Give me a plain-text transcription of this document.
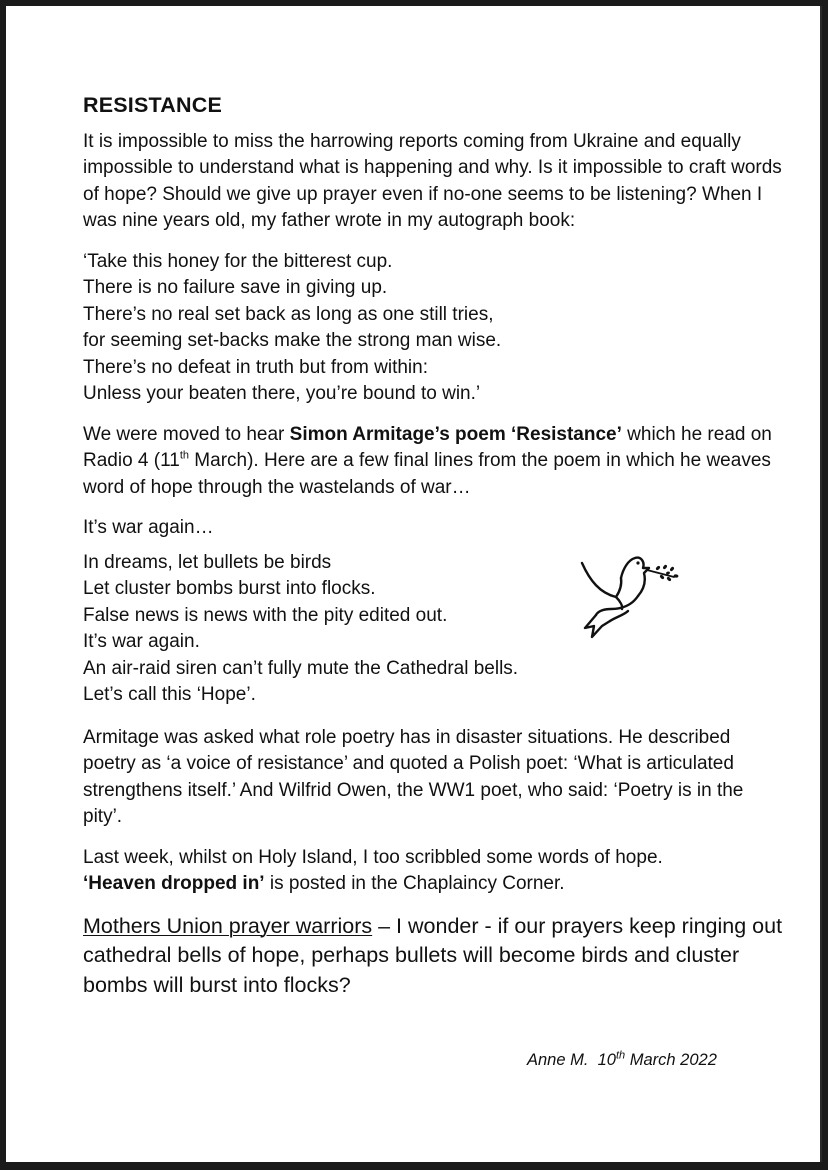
RESISTANCE

It is impossible to miss the harrowing reports coming from Ukraine and equally impossible to understand what is happening and why. Is it impossible to craft words of hope? Should we give up prayer even if no-one seems to be listening? When I was nine years old, my father wrote in my autograph book:

‘Take this honey for the bitterest cup.
There is no failure save in giving up.
There’s no real set back as long as one still tries,
for seeming set-backs make the strong man wise.
There’s no defeat in truth but from within:
Unless your beaten there, you’re bound to win.’

We were moved to hear Simon Armitage’s poem ‘Resistance’ which he read on Radio 4 (11th March). Here are a few final lines from the poem in which he weaves word of hope through the wastelands of war…

It’s war again…

In dreams, let bullets be birds
Let cluster bombs burst into flocks.
False news is news with the pity edited out.
It’s war again.
An air-raid siren can’t fully mute the Cathedral bells.
Let’s call this ‘Hope’.

Armitage was asked what role poetry has in disaster situations. He described poetry as ‘a voice of resistance’ and quoted a Polish poet: ‘What is articulated strengthens itself.’ And Wilfrid Owen, the WW1 poet, who said: ‘Poetry is in the pity’.

Last week, whilst on Holy Island, I too scribbled some words of hope.
‘Heaven dropped in’ is posted in the Chaplaincy Corner.

Mothers Union prayer warriors – I wonder - if our prayers keep ringing out cathedral bells of hope, perhaps bullets will become birds and cluster bombs will burst into flocks?

Anne M. 10th March 2022
